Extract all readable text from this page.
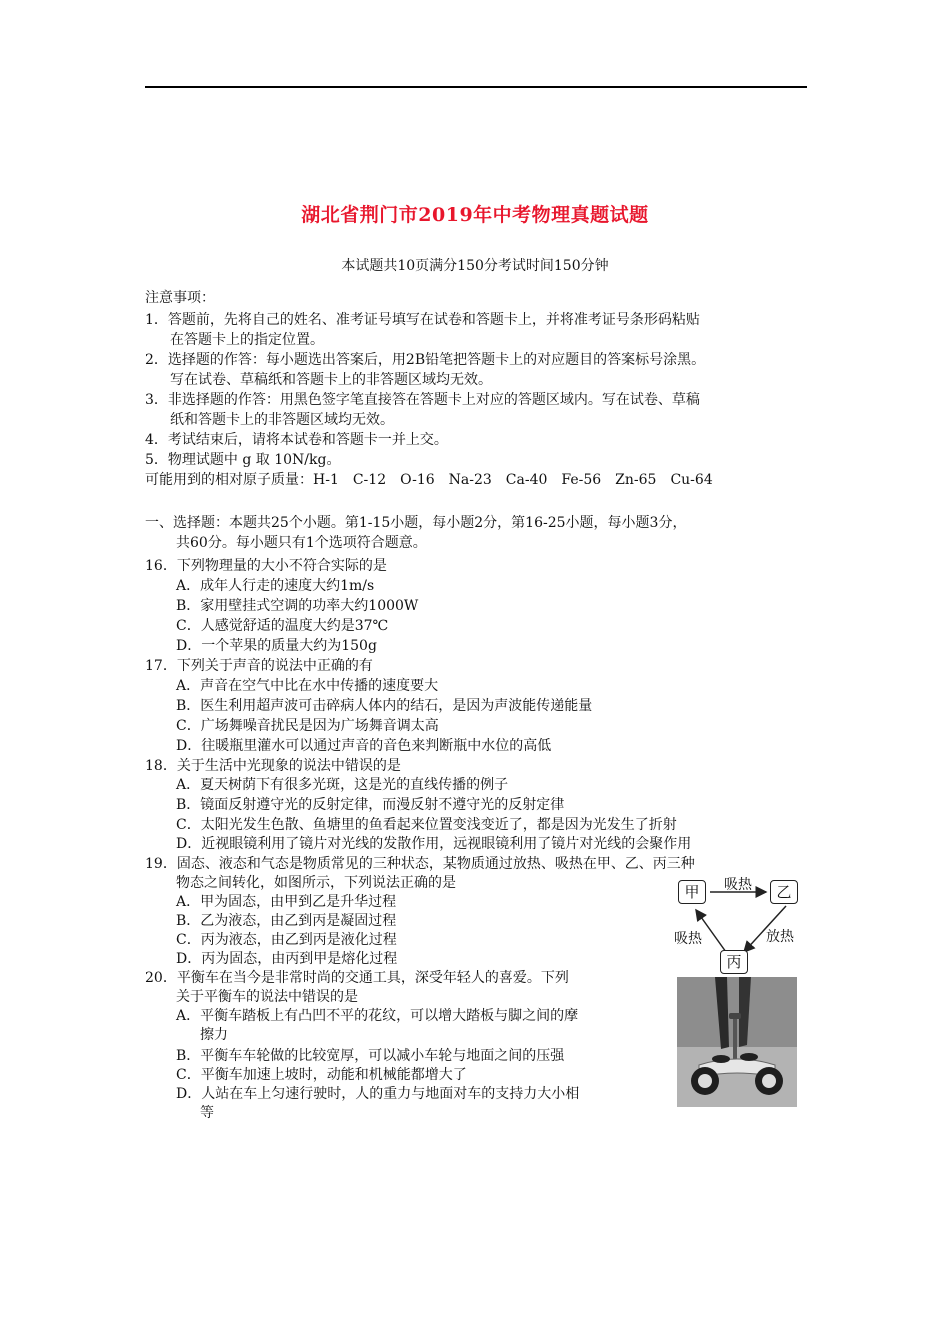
湖北省荆门市2019年中考物理真题试题
本试题共10页满分150分考试时间150分钟
注意事项：
1．答题前，先将自己的姓名、准考证号填写在试卷和答题卡上，并将准考证号条形码粘贴
在答题卡上的指定位置。
2．选择题的作答：每小题选出答案后，用2B铅笔把答题卡上的对应题目的答案标号涂黑。
写在试卷、草稿纸和答题卡上的非答题区域均无效。
3．非选择题的作答：用黑色签字笔直接答在答题卡上对应的答题区域内。写在试卷、草稿
纸和答题卡上的非答题区域均无效。
4．考试结束后，请将本试卷和答题卡一并上交。
5．物理试题中 g 取 10N/kg。
可能用到的相对原子质量：H-1　C-12　O-16　Na-23　Ca-40　Fe-56　Zn-65　Cu-64
一、选择题：本题共25个小题。第1-15小题，每小题2分，第16-25小题，每小题3分，
共60分。每小题只有1个选项符合题意。
16．下列物理量的大小不符合实际的是
A．成年人行走的速度大约1m/s
B．家用壁挂式空调的功率大约1000W
C．人感觉舒适的温度大约是37℃
D．一个苹果的质量大约为150g
17．下列关于声音的说法中正确的有
A．声音在空气中比在水中传播的速度要大
B．医生利用超声波可击碎病人体内的结石，是因为声波能传递能量
C．广场舞噪音扰民是因为广场舞音调太高
D．往暖瓶里灌水可以通过声音的音色来判断瓶中水位的高低
18．关于生活中光现象的说法中错误的是
A．夏天树荫下有很多光斑，这是光的直线传播的例子
B．镜面反射遵守光的反射定律，而漫反射不遵守光的反射定律
C．太阳光发生色散、鱼塘里的鱼看起来位置变浅变近了，都是因为光发生了折射
D．近视眼镜利用了镜片对光线的发散作用，远视眼镜利用了镜片对光线的会聚作用
19．固态、液态和气态是物质常见的三种状态，某物质通过放热、吸热在甲、乙、丙三种
物态之间转化，如图所示，下列说法正确的是
A．甲为固态，由甲到乙是升华过程
B．乙为液态，由乙到丙是凝固过程
C．丙为液态，由乙到丙是液化过程
D．丙为固态，由丙到甲是熔化过程
甲	乙
丙
吸热
吸热	放热
20．平衡车在当今是非常时尚的交通工具，深受年轻人的喜爱。下列
关于平衡车的说法中错误的是
A．平衡车踏板上有凸凹不平的花纹，可以增大踏板与脚之间的摩
擦力
B．平衡车车轮做的比较宽厚，可以减小车轮与地面之间的压强
C．平衡车加速上坡时，动能和机械能都增大了
D．人站在车上匀速行驶时，人的重力与地面对车的支持力大小相
等
